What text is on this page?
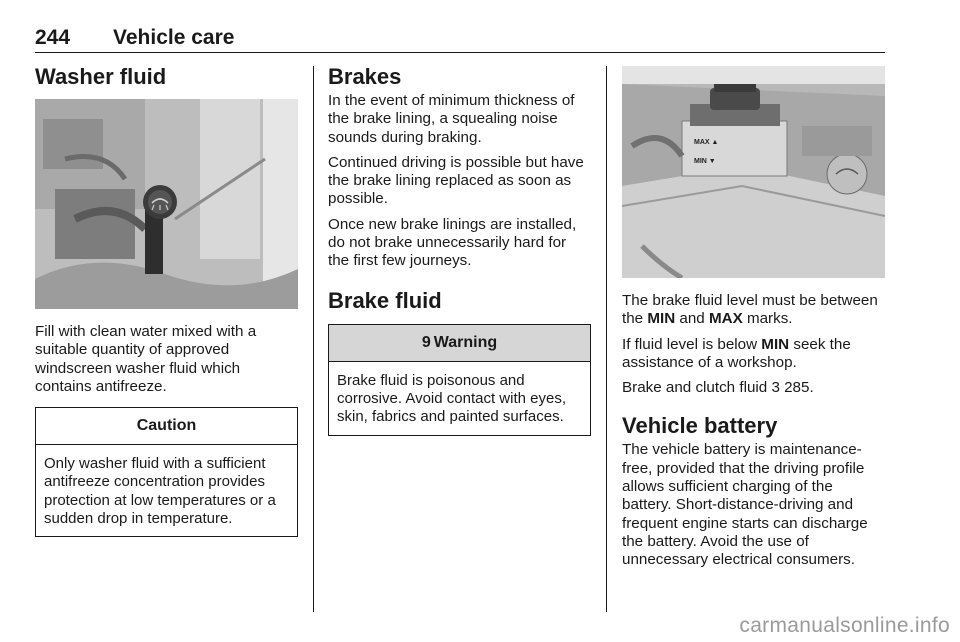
244 Vehicle care
Washer fluid

Fill with clean water mixed with a suitable quantity of approved windscreen washer fluid which contains antifreeze.

Caution
Only washer fluid with a sufficient antifreeze concentration provides protection at low temperatures or a sudden drop in temperature.
Brakes

In the event of minimum thickness of the brake lining, a squealing noise sounds during braking.

Continued driving is possible but have the brake lining replaced as soon as possible.

Once new brake linings are installed, do not brake unnecessarily hard for the first few journeys.

Brake fluid
9 Warning
Brake fluid is poisonous and corrosive. Avoid contact with eyes, skin, fabrics and painted surfaces.
MAX ▲
MIN ▼

The brake fluid level must be between the MIN and MAX marks.

If fluid level is below MIN seek the assistance of a workshop.

Brake and clutch fluid 3 285.

Vehicle battery

The vehicle battery is maintenance-free, provided that the driving profile allows sufficient charging of the battery. Short-distance-driving and frequent engine starts can discharge the battery. Avoid the use of unnecessary electrical consumers.

carmanualsonline.info
